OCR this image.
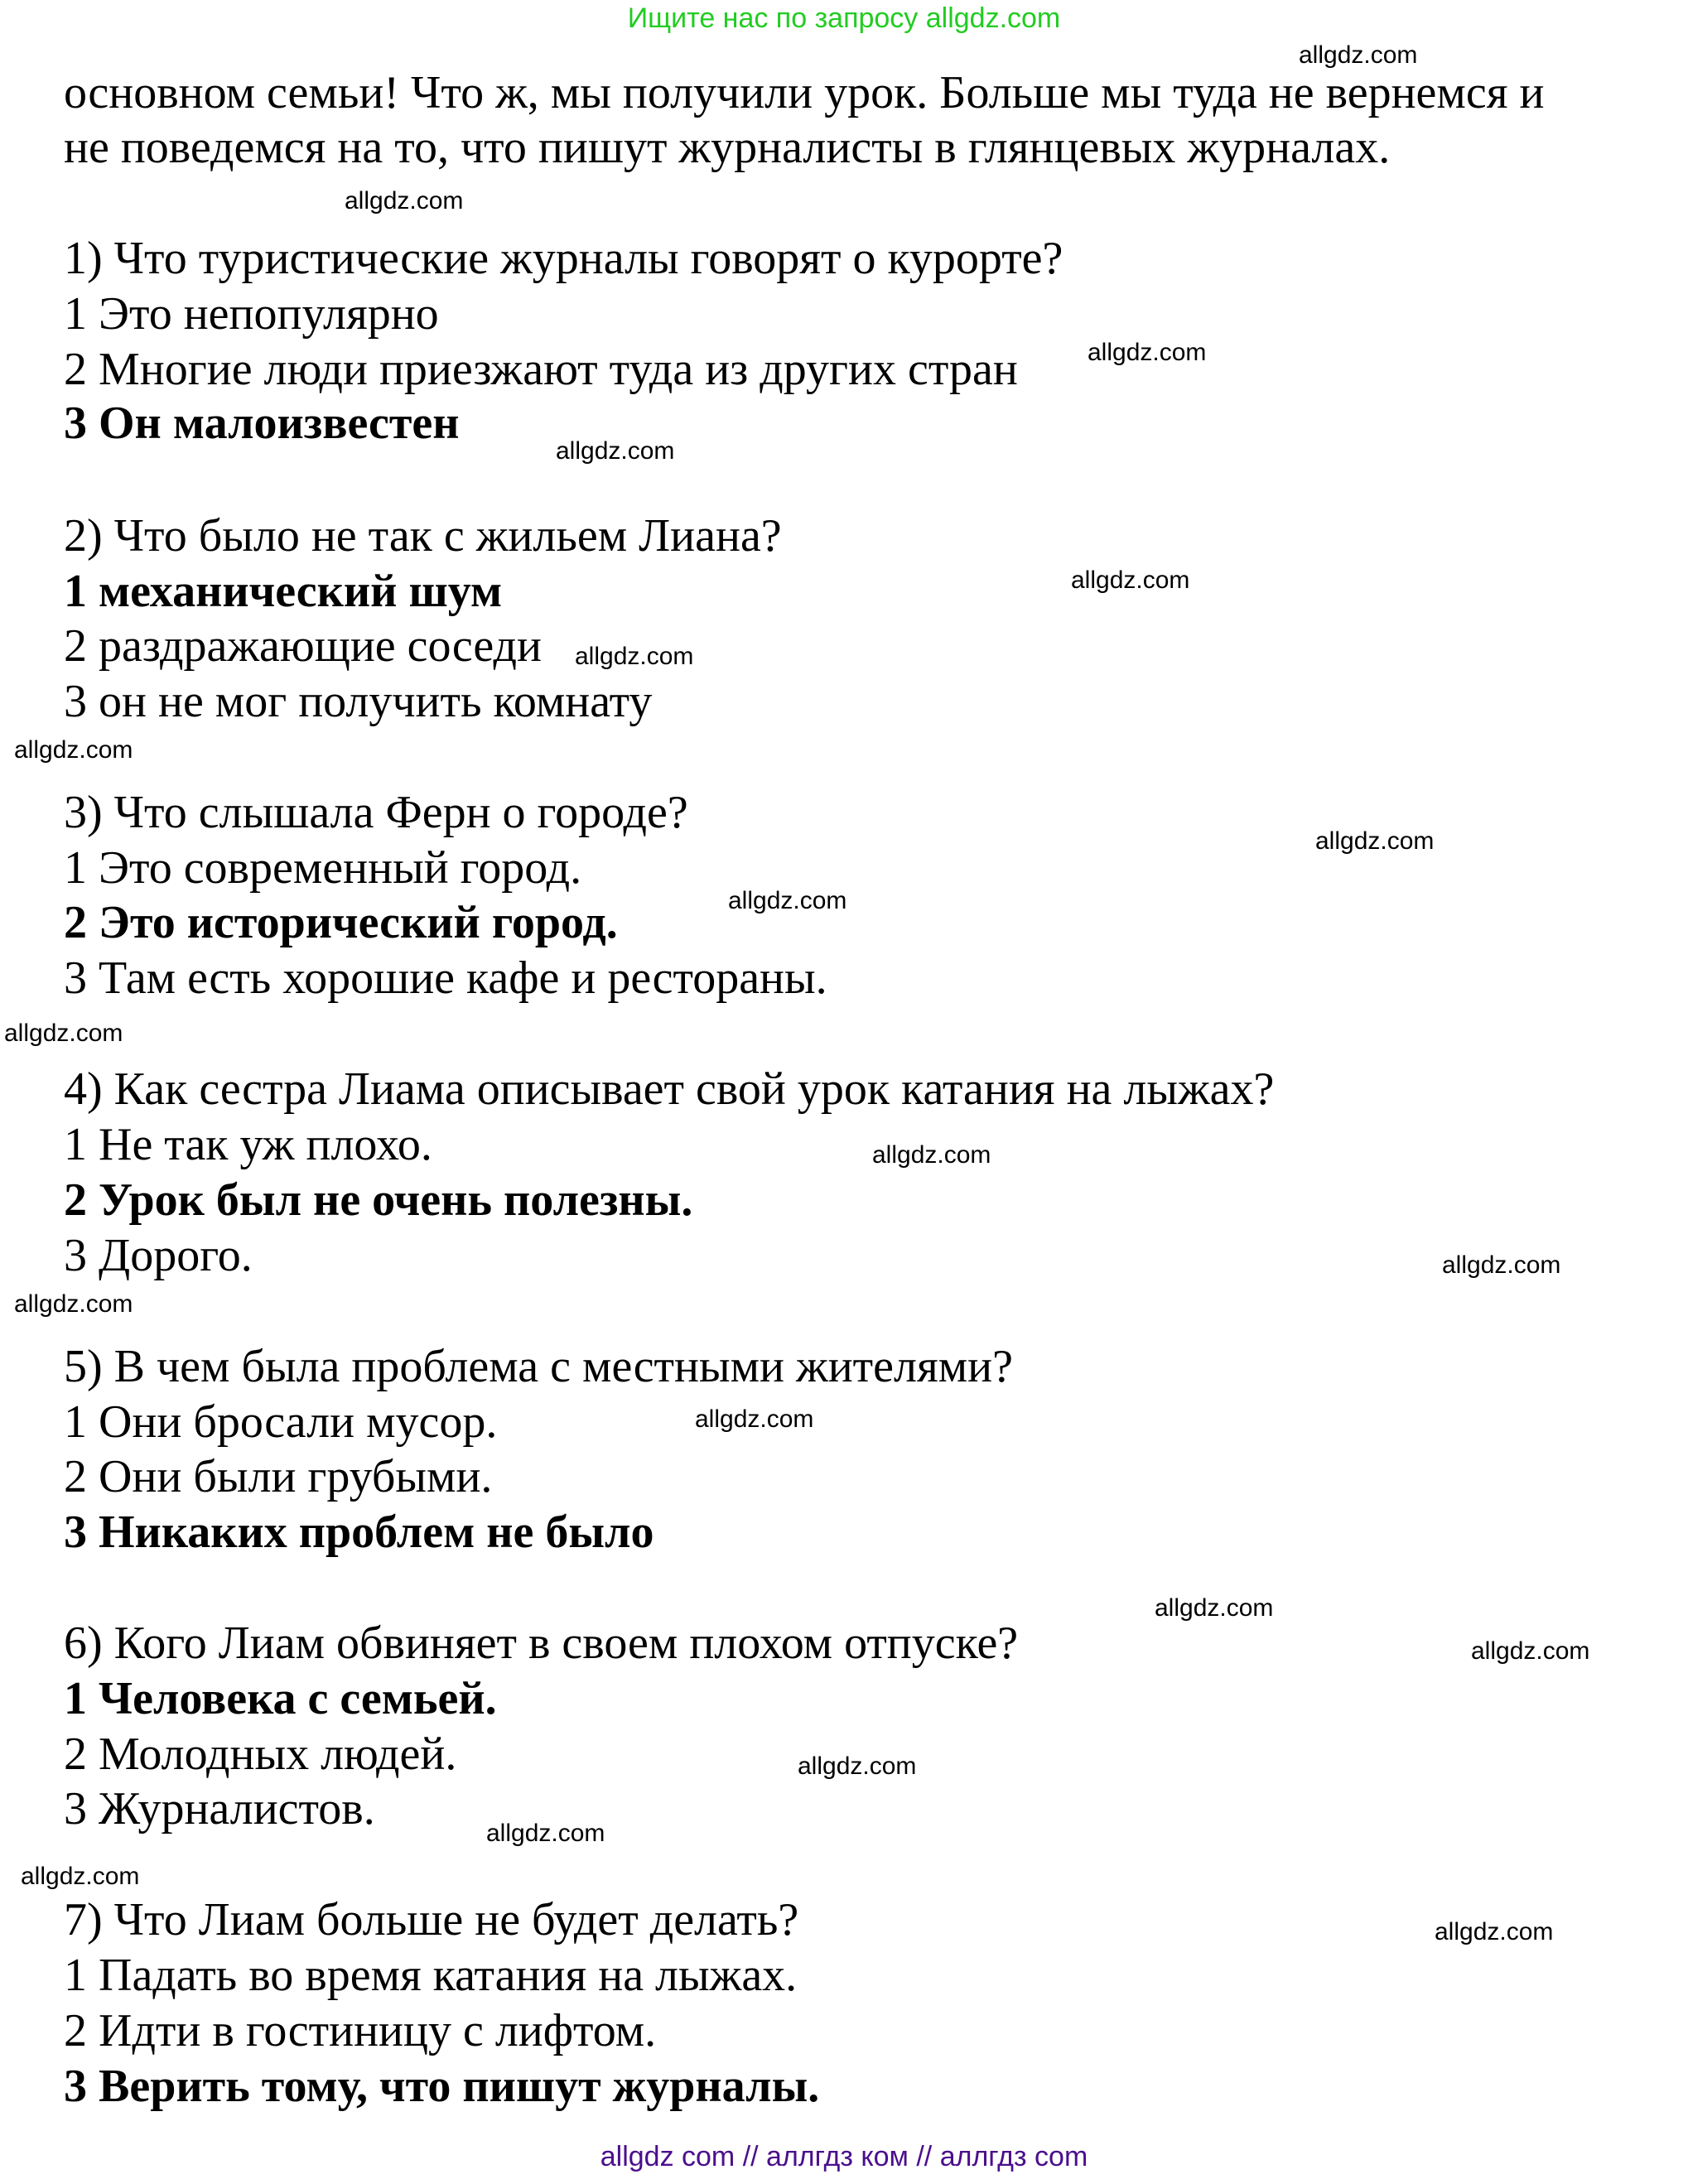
Ищите нас по запросу allgdz.com
основном семьи! Что ж, мы получили урок. Больше мы туда не вернемся и
не поведемся на то, что пишут журналисты в глянцевых журналах.
1) Что туристические журналы говорят о курорте?
1 Это непопулярно
2 Многие люди приезжают туда из других стран
3 Он малоизвестен
2) Что было не так с жильем Лиана?
1 механический шум
2 раздражающие соседи
3 он не мог получить комнату
3) Что слышала Ферн о городе?
1 Это современный город.
2 Это исторический город.
3 Там есть хорошие кафе и рестораны.
4) Как сестра Лиама описывает свой урок катания на лыжах?
1 Не так уж плохо.
2 Урок был не очень полезны.
3 Дорого.
5) В чем была проблема с местными жителями?
1 Они бросали мусор.
2 Они были грубыми.
3 Никаких проблем не было
6) Кого Лиам обвиняет в своем плохом отпуске?
1 Человека с семьей.
2 Молодных людей.
3 Журналистов.
7) Что Лиам больше не будет делать?
1 Падать во время катания на лыжах.
2 Идти в гостиницу с лифтом.
3 Верить тому, что пишут журналы.
allgdz.com
allgdz.com
allgdz.com
allgdz.com
allgdz.com
allgdz.com
allgdz.com
allgdz.com
allgdz.com
allgdz.com
allgdz.com
allgdz.com
allgdz.com
allgdz.com
allgdz.com
allgdz.com
allgdz.com
allgdz.com
allgdz.com
allgdz.com
allgdz com // аллгдз ком // аллгдз com
